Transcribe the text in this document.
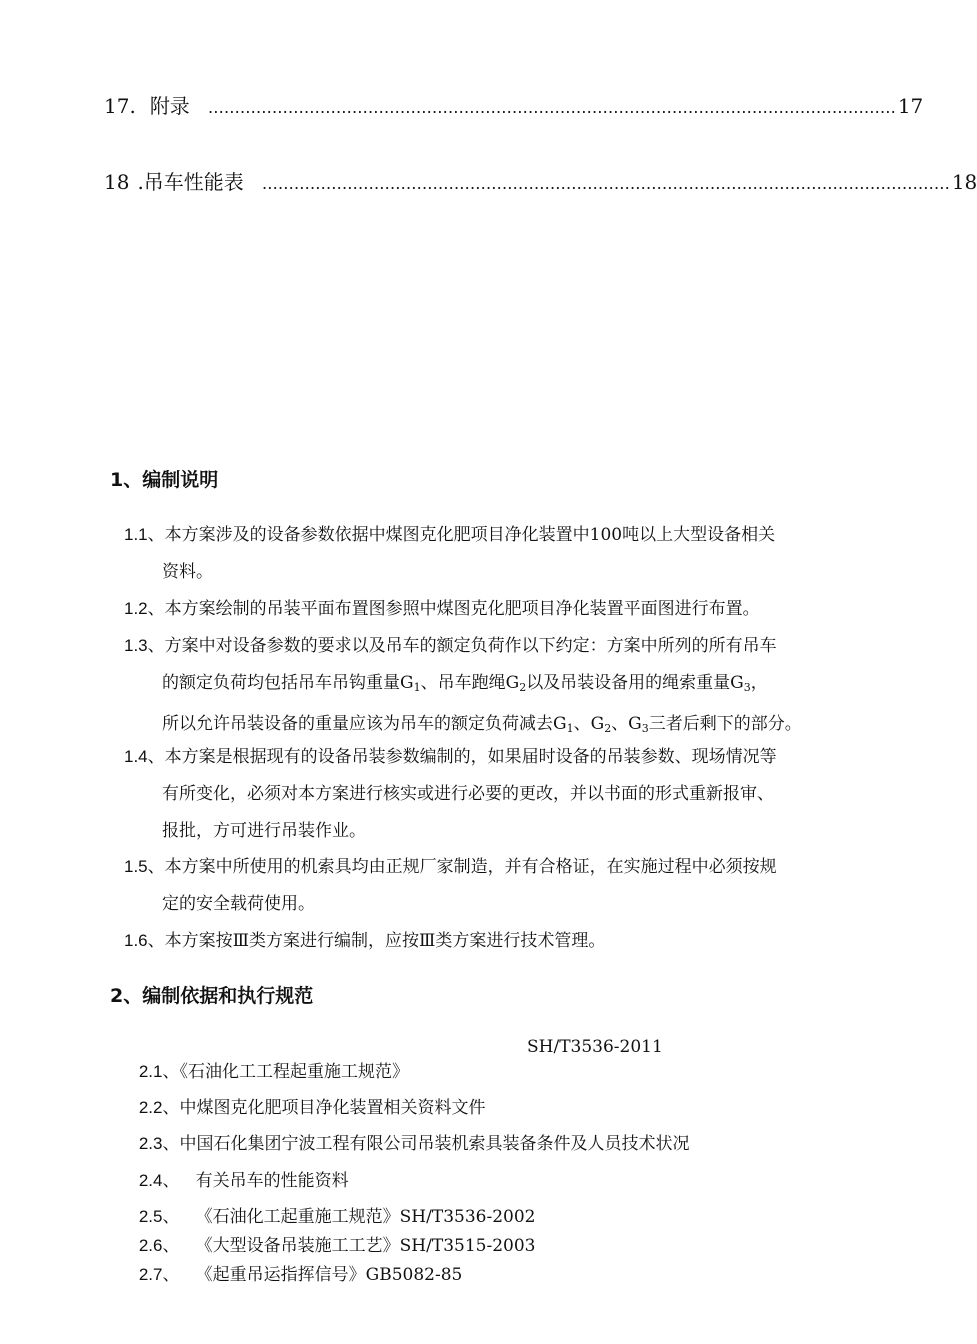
17. 附录 ………………………………………………………………………………………………………………… 17
18 .吊车性能表 ………………………………………………………………………………………………………………… 18
1、编制说明
1.1、本方案涉及的设备参数依据中煤图克化肥项目净化装置中100吨以上大型设备相关
资料。
1.2、本方案绘制的吊装平面布置图参照中煤图克化肥项目净化装置平面图进行布置。
1.3、方案中对设备参数的要求以及吊车的额定负荷作以下约定：方案中所列的所有吊车
的额定负荷均包括吊车吊钩重量$G_1$、吊车跑绳$G_2$以及吊装设备用的绳索重量$G_3$，
所以允许吊装设备的重量应该为吊车的额定负荷减去$G_1$、$G_2$、$G_3$三者后剩下的部分。
1.4、本方案是根据现有的设备吊装参数编制的，如果届时设备的吊装参数、现场情况等
有所变化，必须对本方案进行核实或进行必要的更改，并以书面的形式重新报审、
报批，方可进行吊装作业。
1.5、本方案中所使用的机索具均由正规厂家制造，并有合格证，在实施过程中必须按规
定的安全载荷使用。
1.6、本方案按Ⅲ类方案进行编制，应按Ⅲ类方案进行技术管理。
2、编制依据和执行规范

2.1、《石油化工工程起重施工规范》

SH/T3536-2011

2.2、中煤图克化肥项目净化装置相关资料文件

2.3、中国石化集团宁波工程有限公司吊装机索具装备条件及人员技术状况

2.4、   有关吊车的性能资料

2.5、   《石油化工起重施工规范》SH/T3536-2002

2.6、   《大型设备吊装施工工艺》SH/T3515-2003

2.7、   《起重吊运指挥信号》GB5082-85
